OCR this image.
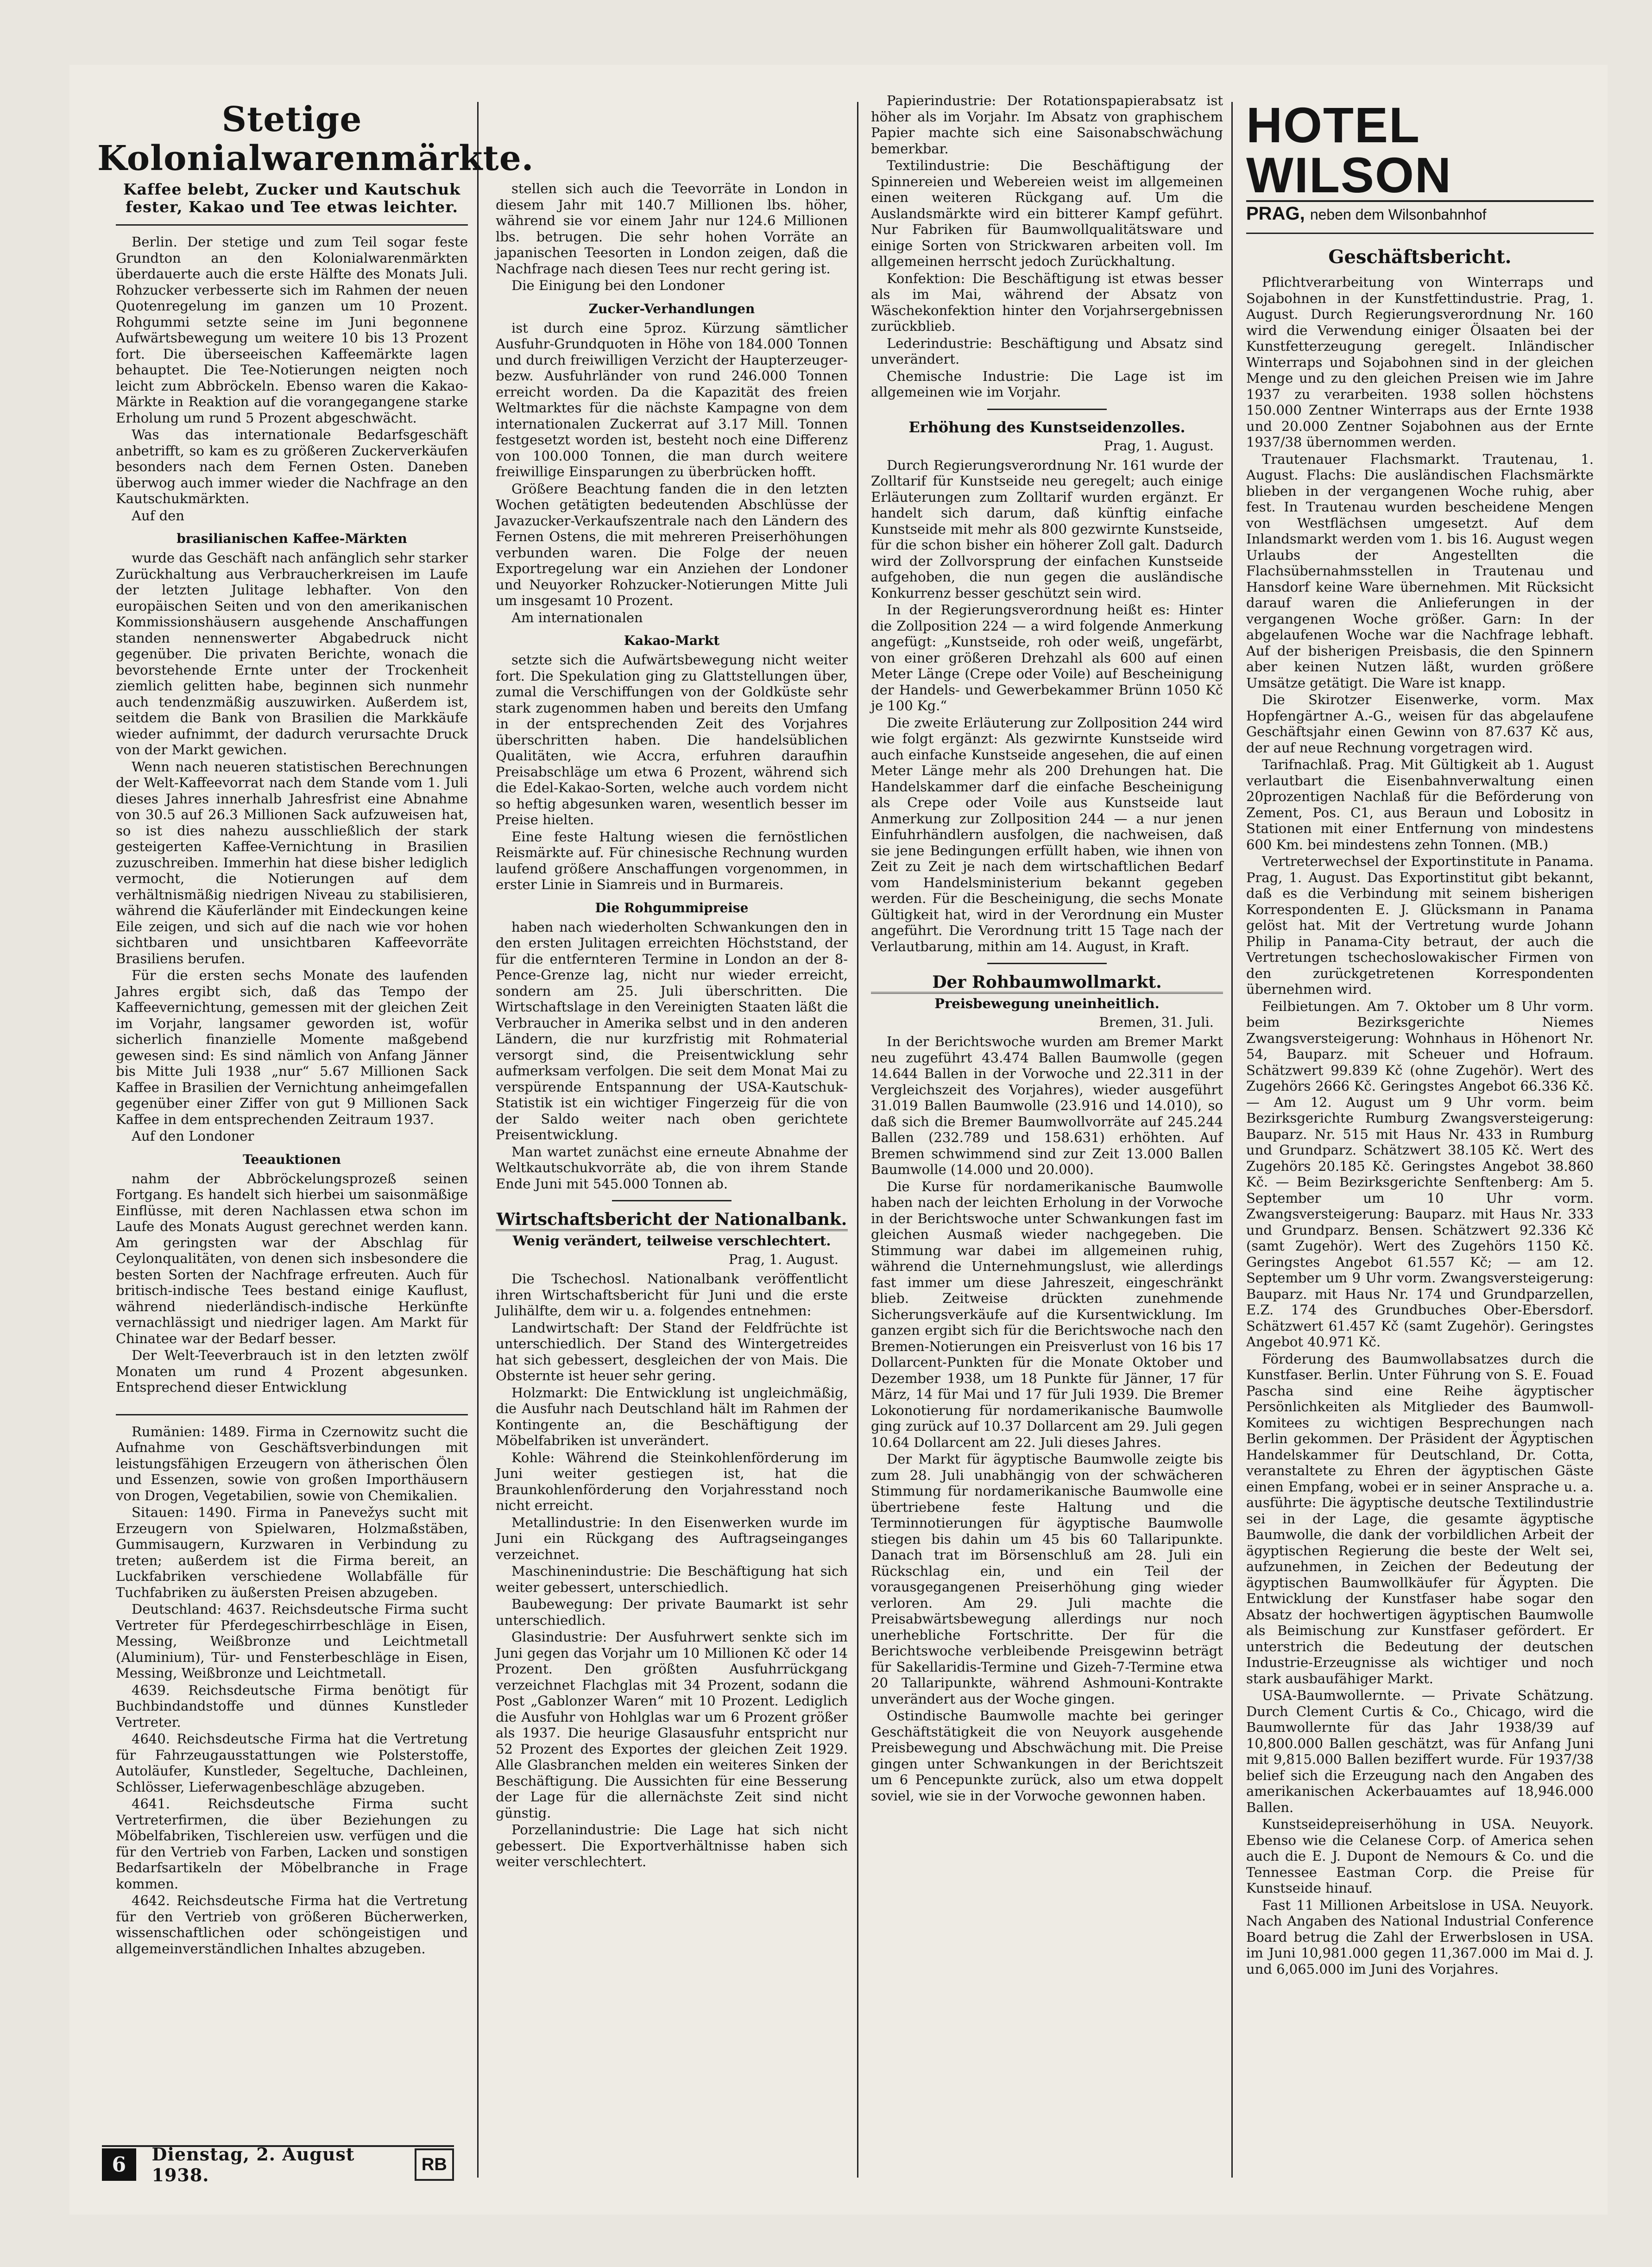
Stetige Kolonialwarenmärkte.
Kaffee belebt, Zucker und Kautschuk fester, Kakao und Tee etwas leichter.

Berlin. Der stetige und zum Teil sogar feste Grundton an den Kolonialwarenmärkten überdauerte auch die erste Hälfte des Monats Juli. Rohzucker verbesserte sich im Rahmen der neuen Quotenregelung im ganzen um 10 Prozent. Rohgummi setzte seine im Juni begonnene Aufwärtsbewegung um weitere 10 bis 13 Prozent fort. Die überseeischen Kaffeemärkte lagen behauptet. Die Tee-Notierungen neigten noch leicht zum Abbröckeln. Ebenso waren die Kakao-Märkte in Reaktion auf die vorangegangene starke Erholung um rund 5 Prozent abgeschwächt.

Was das internationale Bedarfsgeschäft anbetrifft, so kam es zu größeren Zuckerverkäufen besonders nach dem Fernen Osten. Daneben überwog auch immer wieder die Nachfrage an den Kautschukmärkten.

Auf den

brasilianischen Kaffee-Märkten

wurde das Geschäft nach anfänglich sehr starker Zurückhaltung aus Verbraucherkreisen im Laufe der letzten Julitage lebhafter. Von den europäischen Seiten und von den amerikanischen Kommissionshäusern ausgehende Anschaffungen standen nennenswerter Abgabedruck nicht gegenüber. Die privaten Berichte, wonach die bevorstehende Ernte unter der Trockenheit ziemlich gelitten habe, beginnen sich nunmehr auch tendenzmäßig auszuwirken. Außerdem ist, seitdem die Bank von Brasilien die Markkäufe wieder aufnimmt, der dadurch verursachte Druck von der Markt gewichen.

Wenn nach neueren statistischen Berechnungen der Welt-Kaffeevorrat nach dem Stande vom 1. Juli dieses Jahres innerhalb Jahresfrist eine Abnahme von 30.5 auf 26.3 Millionen Sack aufzuweisen hat, so ist dies nahezu ausschließlich der stark gesteigerten Kaffee-Vernichtung in Brasilien zuzuschreiben. Immerhin hat diese bisher lediglich vermocht, die Notierungen auf dem verhältnismäßig niedrigen Niveau zu stabilisieren, während die Käuferländer mit Eindeckungen keine Eile zeigen, und sich auf die nach wie vor hohen sichtbaren und unsichtbaren Kaffeevorräte Brasiliens berufen.

Für die ersten sechs Monate des laufenden Jahres ergibt sich, daß das Tempo der Kaffeevernichtung, gemessen mit der gleichen Zeit im Vorjahr, langsamer geworden ist, wofür sicherlich finanzielle Momente maßgebend gewesen sind: Es sind nämlich von Anfang Jänner bis Mitte Juli 1938 „nur“ 5.67 Millionen Sack Kaffee in Brasilien der Vernichtung anheimgefallen gegenüber einer Ziffer von gut 9 Millionen Sack Kaffee in dem entsprechenden Zeitraum 1937.

Auf den Londoner

Teeauktionen

nahm der Abbröckelungsprozeß seinen Fortgang. Es handelt sich hierbei um saisonmäßige Einflüsse, mit deren Nachlassen etwa schon im Laufe des Monats August gerechnet werden kann. Am geringsten war der Abschlag für Ceylonqualitäten, von denen sich insbesondere die besten Sorten der Nachfrage erfreuten. Auch für britisch-indische Tees bestand einige Kauflust, während niederländisch-indische Herkünfte vernachlässigt und niedriger lagen. Am Markt für Chinatee war der Bedarf besser.

Der Welt-Teeverbrauch ist in den letzten zwölf Monaten um rund 4 Prozent abgesunken. Entsprechend dieser Entwicklung

Rumänien: 1489. Firma in Czernowitz sucht die Aufnahme von Geschäftsverbindungen mit leistungsfähigen Erzeugern von ätherischen Ölen und Essenzen, sowie von großen Importhäusern von Drogen, Vegetabilien, sowie von Chemikalien.

Sitauen: 1490. Firma in Panevežys sucht mit Erzeugern von Spielwaren, Holzmaßstäben, Gummisaugern, Kurzwaren in Verbindung zu treten; außerdem ist die Firma bereit, an Luckfabriken verschiedene Wollabfälle für Tuchfabriken zu äußersten Preisen abzugeben.

Deutschland: 4637. Reichsdeutsche Firma sucht Vertreter für Pferdegeschirrbeschläge in Eisen, Messing, Weißbronze und Leichtmetall (Aluminium), Tür- und Fensterbeschläge in Eisen, Messing, Weißbronze und Leichtmetall.

4639. Reichsdeutsche Firma benötigt für Buchbindandstoffe und dünnes Kunstleder Vertreter.

4640. Reichsdeutsche Firma hat die Vertretung für Fahrzeugausstattungen wie Polsterstoffe, Autoläufer, Kunstleder, Segeltuche, Dachleinen, Schlösser, Lieferwagenbeschläge abzugeben.

4641. Reichsdeutsche Firma sucht Vertreterfirmen, die über Beziehungen zu Möbelfabriken, Tischlereien usw. verfügen und die für den Vertrieb von Farben, Lacken und sonstigen Bedarfsartikeln der Möbelbranche in Frage kommen.

4642. Reichsdeutsche Firma hat die Vertretung für den Vertrieb von größeren Bücherwerken, wissenschaftlichen oder schöngeistigen und allgemeinverständlichen Inhaltes abzugeben.

stellen sich auch die Teevorräte in London in diesem Jahr mit 140.7 Millionen lbs. höher, während sie vor einem Jahr nur 124.6 Millionen lbs. betrugen. Die sehr hohen Vorräte an japanischen Teesorten in London zeigen, daß die Nachfrage nach diesen Tees nur recht gering ist.

Die Einigung bei den Londoner

Zucker-Verhandlungen

ist durch eine 5proz. Kürzung sämtlicher Ausfuhr-Grundquoten in Höhe von 184.000 Tonnen und durch freiwilligen Verzicht der Haupterzeuger- bezw. Ausfuhrländer von rund 246.000 Tonnen erreicht worden. Da die Kapazität des freien Weltmarktes für die nächste Kampagne von dem internationalen Zuckerrat auf 3.17 Mill. Tonnen festgesetzt worden ist, besteht noch eine Differenz von 100.000 Tonnen, die man durch weitere freiwillige Einsparungen zu überbrücken hofft.

Größere Beachtung fanden die in den letzten Wochen getätigten bedeutenden Abschlüsse der Javazucker-Verkaufszentrale nach den Ländern des Fernen Ostens, die mit mehreren Preiserhöhungen verbunden waren. Die Folge der neuen Exportregelung war ein Anziehen der Londoner und Neuyorker Rohzucker-Notierungen Mitte Juli um insgesamt 10 Prozent.

Am internationalen

Kakao-Markt

setzte sich die Aufwärtsbewegung nicht weiter fort. Die Spekulation ging zu Glattstellungen über, zumal die Verschiffungen von der Goldküste sehr stark zugenommen haben und bereits den Umfang in der entsprechenden Zeit des Vorjahres überschritten haben. Die handelsüblichen Qualitäten, wie Accra, erfuhren daraufhin Preisabschläge um etwa 6 Prozent, während sich die Edel-Kakao-Sorten, welche auch vordem nicht so heftig abgesunken waren, wesentlich besser im Preise hielten.

Eine feste Haltung wiesen die fernöstlichen Reismärkte auf. Für chinesische Rechnung wurden laufend größere Anschaffungen vorgenommen, in erster Linie in Siamreis und in Burmareis.

Die Rohgummipreise

haben nach wiederholten Schwankungen den in den ersten Julitagen erreichten Höchststand, der für die entfernteren Termine in London an der 8-Pence-Grenze lag, nicht nur wieder erreicht, sondern am 25. Juli überschritten. Die Wirtschaftslage in den Vereinigten Staaten läßt die Verbraucher in Amerika selbst und in den anderen Ländern, die nur kurzfristig mit Rohmaterial versorgt sind, die Preisentwicklung sehr aufmerksam verfolgen. Die seit dem Monat Mai zu verspürende Entspannung der USA-Kautschuk-Statistik ist ein wichtiger Fingerzeig für die von der Saldo weiter nach oben gerichtete Preisentwicklung.

Man wartet zunächst eine erneute Abnahme der Weltkautschukvorräte ab, die von ihrem Stande Ende Juni mit 545.000 Tonnen ab.

Wirtschaftsbericht der Nationalbank.
Wenig verändert, teilweise verschlechtert.
Prag, 1. August.

Die Tschechosl. Nationalbank veröffentlicht ihren Wirtschaftsbericht für Juni und die erste Julihälfte, dem wir u. a. folgendes entnehmen:

Landwirtschaft: Der Stand der Feldfrüchte ist unterschiedlich. Der Stand des Wintergetreides hat sich gebessert, desgleichen der von Mais. Die Obsternte ist heuer sehr gering.

Holzmarkt: Die Entwicklung ist ungleichmäßig, die Ausfuhr nach Deutschland hält im Rahmen der Kontingente an, die Beschäftigung der Möbelfabriken ist unverändert.

Kohle: Während die Steinkohlenförderung im Juni weiter gestiegen ist, hat die Braunkohlenförderung den Vorjahresstand noch nicht erreicht.

Metallindustrie: In den Eisenwerken wurde im Juni ein Rückgang des Auftragseinganges verzeichnet.

Maschinenindustrie: Die Beschäftigung hat sich weiter gebessert, unterschiedlich.

Baubewegung: Der private Baumarkt ist sehr unterschiedlich.

Glasindustrie: Der Ausfuhrwert senkte sich im Juni gegen das Vorjahr um 10 Millionen Kč oder 14 Prozent. Den größten Ausfuhrrückgang verzeichnet Flachglas mit 34 Prozent, sodann die Post „Gablonzer Waren“ mit 10 Prozent. Lediglich die Ausfuhr von Hohlglas war um 6 Prozent größer als 1937. Die heurige Glasausfuhr entspricht nur 52 Prozent des Exportes der gleichen Zeit 1929. Alle Glasbranchen melden ein weiteres Sinken der Beschäftigung. Die Aussichten für eine Besserung der Lage für die allernächste Zeit sind nicht günstig.

Porzellanindustrie: Die Lage hat sich nicht gebessert. Die Exportverhältnisse haben sich weiter verschlechtert.

Papierindustrie: Der Rotationspapierabsatz ist höher als im Vorjahr. Im Absatz von graphischem Papier machte sich eine Saisonabschwächung bemerkbar.

Textilindustrie: Die Beschäftigung der Spinnereien und Webereien weist im allgemeinen einen weiteren Rückgang auf. Um die Auslandsmärkte wird ein bitterer Kampf geführt. Nur Fabriken für Baumwollqualitätsware und einige Sorten von Strickwaren arbeiten voll. Im allgemeinen herrscht jedoch Zurückhaltung.

Konfektion: Die Beschäftigung ist etwas besser als im Mai, während der Absatz von Wäschekonfektion hinter den Vorjahrsergebnissen zurückblieb.

Lederindustrie: Beschäftigung und Absatz sind unverändert.

Chemische Industrie: Die Lage ist im allgemeinen wie im Vorjahr.

Erhöhung des Kunstseidenzolles.
Prag, 1. August.

Durch Regierungsverordnung Nr. 161 wurde der Zolltarif für Kunstseide neu geregelt; auch einige Erläuterungen zum Zolltarif wurden ergänzt. Er handelt sich darum, daß künftig einfache Kunstseide mit mehr als 800 gezwirnte Kunstseide, für die schon bisher ein höherer Zoll galt. Dadurch wird der Zollvorsprung der einfachen Kunstseide aufgehoben, die nun gegen die ausländische Konkurrenz besser geschützt sein wird.

In der Regierungsverordnung heißt es: Hinter die Zollposition 224 — a wird folgende Anmerkung angefügt: „Kunstseide, roh oder weiß, ungefärbt, von einer größeren Drehzahl als 600 auf einen Meter Länge (Crepe oder Voile) auf Bescheinigung der Handels- und Gewerbekammer Brünn 1050 Kč je 100 Kg.“

Die zweite Erläuterung zur Zollposition 244 wird wie folgt ergänzt: Als gezwirnte Kunstseide wird auch einfache Kunstseide angesehen, die auf einen Meter Länge mehr als 200 Drehungen hat. Die Handelskammer darf die einfache Bescheinigung als Crepe oder Voile aus Kunstseide laut Anmerkung zur Zollposition 244 — a nur jenen Einfuhrhändlern ausfolgen, die nachweisen, daß sie jene Bedingungen erfüllt haben, wie ihnen von Zeit zu Zeit je nach dem wirtschaftlichen Bedarf vom Handelsministerium bekannt gegeben werden. Für die Bescheinigung, die sechs Monate Gültigkeit hat, wird in der Verordnung ein Muster angeführt. Die Verordnung tritt 15 Tage nach der Verlautbarung, mithin am 14. August, in Kraft.

Der Rohbaumwollmarkt.
Preisbewegung uneinheitlich.
Bremen, 31. Juli.

In der Berichtswoche wurden am Bremer Markt neu zugeführt 43.474 Ballen Baumwolle (gegen 14.644 Ballen in der Vorwoche und 22.311 in der Vergleichszeit des Vorjahres), wieder ausgeführt 31.019 Ballen Baumwolle (23.916 und 14.010), so daß sich die Bremer Baumwollvorräte auf 245.244 Ballen (232.789 und 158.631) erhöhten. Auf Bremen schwimmend sind zur Zeit 13.000 Ballen Baumwolle (14.000 und 20.000).

Die Kurse für nordamerikanische Baumwolle haben nach der leichten Erholung in der Vorwoche in der Berichtswoche unter Schwankungen fast im gleichen Ausmaß wieder nachgegeben. Die Stimmung war dabei im allgemeinen ruhig, während die Unternehmungslust, wie allerdings fast immer um diese Jahreszeit, eingeschränkt blieb. Zeitweise drückten zunehmende Sicherungsverkäufe auf die Kursentwicklung. Im ganzen ergibt sich für die Berichtswoche nach den Bremen-Notierungen ein Preisverlust von 16 bis 17 Dollarcent-Punkten für die Monate Oktober und Dezember 1938, um 18 Punkte für Jänner, 17 für März, 14 für Mai und 17 für Juli 1939. Die Bremer Lokonotierung für nordamerikanische Baumwolle ging zurück auf 10.37 Dollarcent am 29. Juli gegen 10.64 Dollarcent am 22. Juli dieses Jahres.

Der Markt für ägyptische Baumwolle zeigte bis zum 28. Juli unabhängig von der schwächeren Stimmung für nordamerikanische Baumwolle eine übertriebene feste Haltung und die Terminnotierungen für ägyptische Baumwolle stiegen bis dahin um 45 bis 60 Tallaripunkte. Danach trat im Börsenschluß am 28. Juli ein Rückschlag ein, und ein Teil der vorausgegangenen Preiserhöhung ging wieder verloren. Am 29. Juli machte die Preisabwärtsbewegung allerdings nur noch unerhebliche Fortschritte. Der für die Berichtswoche verbleibende Preisgewinn beträgt für Sakellaridis-Termine und Gizeh-7-Termine etwa 20 Tallaripunkte, während Ashmouni-Kontrakte unverändert aus der Woche gingen.

Ostindische Baumwolle machte bei geringer Geschäftstätigkeit die von Neuyork ausgehende Preisbewegung und Abschwächung mit. Die Preise gingen unter Schwankungen in der Berichtszeit um 6 Pencepunkte zurück, also um etwa doppelt soviel, wie sie in der Vorwoche gewonnen haben.

HOTEL WILSON
PRAG, neben dem Wilsonbahnhof
Geschäftsbericht.

Pflichtverarbeitung von Winterraps und Sojabohnen in der Kunstfettindustrie. Prag, 1. August. Durch Regierungsverordnung Nr. 160 wird die Verwendung einiger Ölsaaten bei der Kunstfetterzeugung geregelt. Inländischer Winterraps und Sojabohnen sind in der gleichen Menge und zu den gleichen Preisen wie im Jahre 1937 zu verarbeiten. 1938 sollen höchstens 150.000 Zentner Winterraps aus der Ernte 1938 und 20.000 Zentner Sojabohnen aus der Ernte 1937/38 übernommen werden.

Trautenauer Flachsmarkt. Trautenau, 1. August. Flachs: Die ausländischen Flachsmärkte blieben in der vergangenen Woche ruhig, aber fest. In Trautenau wurden bescheidene Mengen von Westflächsen umgesetzt. Auf dem Inlandsmarkt werden vom 1. bis 16. August wegen Urlaubs der Angestellten die Flachsübernahmsstellen in Trautenau und Hansdorf keine Ware übernehmen. Mit Rücksicht darauf waren die Anlieferungen in der vergangenen Woche größer. Garn: In der abgelaufenen Woche war die Nachfrage lebhaft. Auf der bisherigen Preisbasis, die den Spinnern aber keinen Nutzen läßt, wurden größere Umsätze getätigt. Die Ware ist knapp.

Die Skirotzer Eisenwerke, vorm. Max Hopfengärtner A.-G., weisen für das abgelaufene Geschäftsjahr einen Gewinn von 87.637 Kč aus, der auf neue Rechnung vorgetragen wird.

Tarifnachlaß. Prag. Mit Gültigkeit ab 1. August verlautbart die Eisenbahnverwaltung einen 20prozentigen Nachlaß für die Beförderung von Zement, Pos. C1, aus Beraun und Lobositz in Stationen mit einer Entfernung von mindestens 600 Km. bei mindestens zehn Tonnen. (MB.)

Vertreterwechsel der Exportinstitute in Panama. Prag, 1. August. Das Exportinstitut gibt bekannt, daß es die Verbindung mit seinem bisherigen Korrespondenten E. J. Glücksmann in Panama gelöst hat. Mit der Vertretung wurde Johann Philip in Panama-City betraut, der auch die Vertretungen tschechoslowakischer Firmen von den zurückgetretenen Korrespondenten übernehmen wird.

Feilbietungen. Am 7. Oktober um 8 Uhr vorm. beim Bezirksgerichte Niemes Zwangsversteigerung: Wohnhaus in Höhenort Nr. 54, Bauparz. mit Scheuer und Hofraum. Schätzwert 99.839 Kč (ohne Zugehör). Wert des Zugehörs 2666 Kč. Geringstes Angebot 66.336 Kč. — Am 12. August um 9 Uhr vorm. beim Bezirksgerichte Rumburg Zwangsversteigerung: Bauparz. Nr. 515 mit Haus Nr. 433 in Rumburg und Grundparz. Schätzwert 38.105 Kč. Wert des Zugehörs 20.185 Kč. Geringstes Angebot 38.860 Kč. — Beim Bezirksgerichte Senftenberg: Am 5. September um 10 Uhr vorm. Zwangsversteigerung: Bauparz. mit Haus Nr. 333 und Grundparz. Bensen. Schätzwert 92.336 Kč (samt Zugehör). Wert des Zugehörs 1150 Kč. Geringstes Angebot 61.557 Kč; — am 12. September um 9 Uhr vorm. Zwangsversteigerung: Bauparz. mit Haus Nr. 174 und Grundparzellen, E.Z. 174 des Grundbuches Ober-Ebersdorf. Schätzwert 61.457 Kč (samt Zugehör). Geringstes Angebot 40.971 Kč.

Förderung des Baumwollabsatzes durch die Kunstfaser. Berlin. Unter Führung von S. E. Fouad Pascha sind eine Reihe ägyptischer Persönlichkeiten als Mitglieder des Baumwoll-Komitees zu wichtigen Besprechungen nach Berlin gekommen. Der Präsident der Ägyptischen Handelskammer für Deutschland, Dr. Cotta, veranstaltete zu Ehren der ägyptischen Gäste einen Empfang, wobei er in seiner Ansprache u. a. ausführte: Die ägyptische deutsche Textilindustrie sei in der Lage, die gesamte ägyptische Baumwolle, die dank der vorbildlichen Arbeit der ägyptischen Regierung die beste der Welt sei, aufzunehmen, in Zeichen der Bedeutung der ägyptischen Baumwollkäufer für Ägypten. Die Entwicklung der Kunstfaser habe sogar den Absatz der hochwertigen ägyptischen Baumwolle als Beimischung zur Kunstfaser gefördert. Er unterstrich die Bedeutung der deutschen Industrie-Erzeugnisse als wichtiger und noch stark ausbaufähiger Markt.

USA-Baumwollernte. — Private Schätzung. Durch Clement Curtis & Co., Chicago, wird die Baumwollernte für das Jahr 1938/39 auf 10,800.000 Ballen geschätzt, was für Anfang Juni mit 9,815.000 Ballen beziffert wurde. Für 1937/38 belief sich die Erzeugung nach den Angaben des amerikanischen Ackerbauamtes auf 18,946.000 Ballen.

Kunstseidepreiserhöhung in USA. Neuyork. Ebenso wie die Celanese Corp. of America sehen auch die E. J. Dupont de Nemours & Co. und die Tennessee Eastman Corp. die Preise für Kunstseide hinauf.

Fast 11 Millionen Arbeitslose in USA. Neuyork. Nach Angaben des National Industrial Conference Board betrug die Zahl der Erwerbslosen in USA. im Juni 10,981.000 gegen 11,367.000 im Mai d. J. und 6,065.000 im Juni des Vorjahres.

6	Dienstag, 2. August 1938.
RB
